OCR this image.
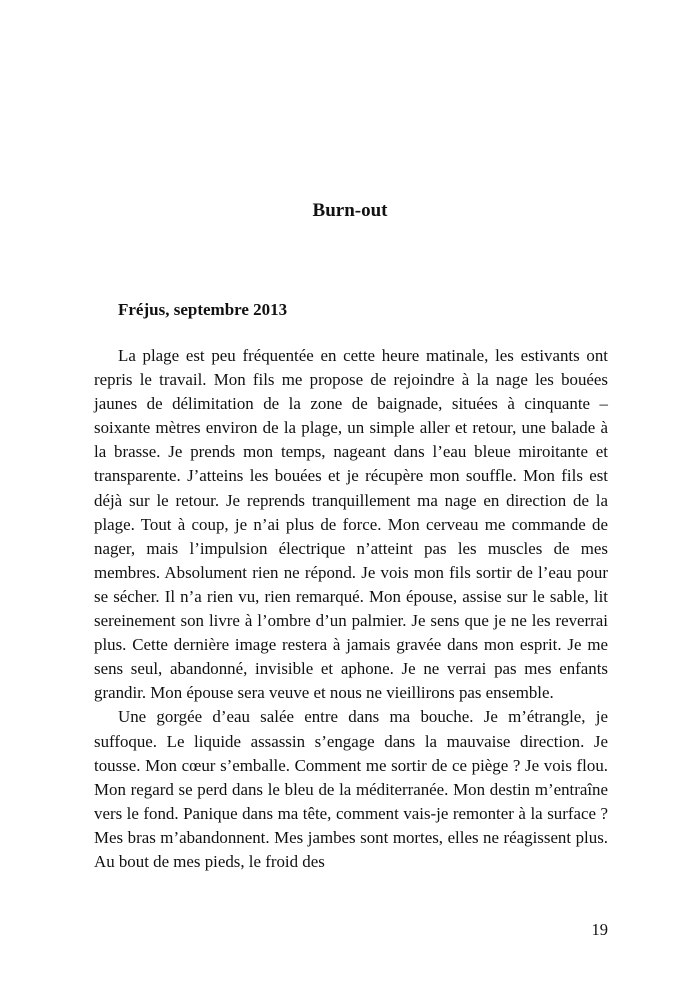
Burn-out
Fréjus, septembre 2013

La plage est peu fréquentée en cette heure matinale, les estivants ont repris le travail. Mon fils me propose de rejoindre à la nage les bouées jaunes de délimitation de la zone de baignade, situées à cinquante – soixante mètres environ de la plage, un simple aller et retour, une balade à la brasse. Je prends mon temps, nageant dans l’eau bleue miroitante et transparente. J’atteins les bouées et je récupère mon souffle. Mon fils est déjà sur le retour. Je reprends tranquillement ma nage en direction de la plage. Tout à coup, je n’ai plus de force. Mon cerveau me commande de nager, mais l’impulsion électrique n’atteint pas les muscles de mes membres. Absolument rien ne répond. Je vois mon fils sortir de l’eau pour se sécher. Il n’a rien vu, rien remarqué. Mon épouse, assise sur le sable, lit sereinement son livre à l’ombre d’un palmier. Je sens que je ne les reverrai plus. Cette dernière image restera à jamais gravée dans mon esprit. Je me sens seul, abandonné, invisible et aphone. Je ne verrai pas mes enfants grandir. Mon épouse sera veuve et nous ne vieillirons pas ensemble.

Une gorgée d’eau salée entre dans ma bouche. Je m’étrangle, je suffoque. Le liquide assassin s’engage dans la mauvaise direction. Je tousse. Mon cœur s’emballe. Comment me sortir de ce piège ? Je vois flou. Mon regard se perd dans le bleu de la méditerranée. Mon destin m’entraîne vers le fond. Panique dans ma tête, comment vais-je remonter à la surface ? Mes bras m’abandonnent. Mes jambes sont mortes, elles ne réagissent plus. Au bout de mes pieds, le froid des

19
